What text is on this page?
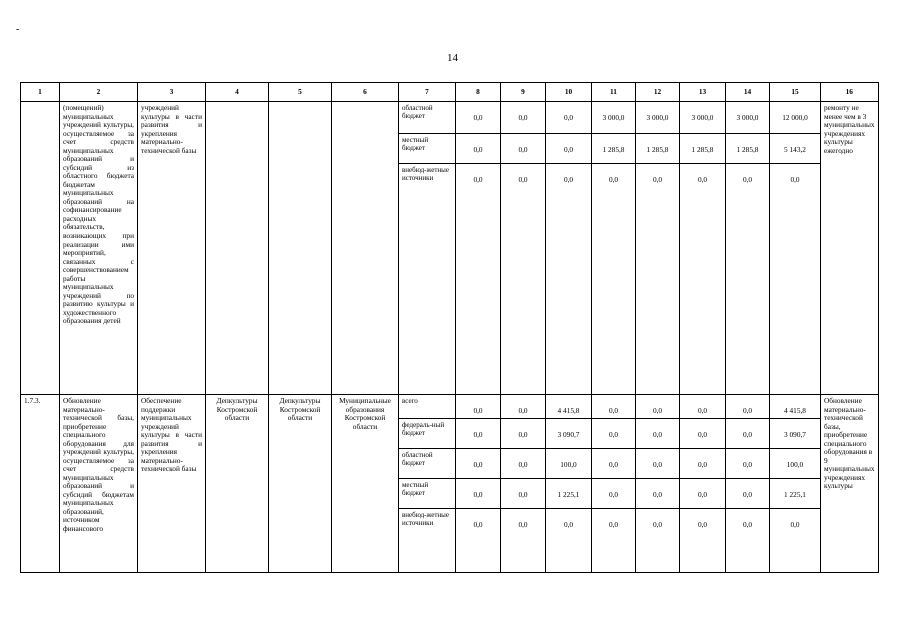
-
14
1	2	3	4	5	6	7	8	9	10	11	12	13	14	15	16
	(помещений) муниципальных учреждений культуры, осуществляемое за счет средств муниципальных образований и субсидий из областного бюджета бюджетам муниципальных образований на софинансирование расходных обязательств, возникающих при реализации ими мероприятий, связанных с совершенствованием работы муниципальных учреждений по развитию культуры и художественного образования детей	учреждений культуры в части развития и укрепления материально-технической базы				областной бюджет	0,0	0,0	0,0	3 000,0	3 000,0	3 000,0	3 000,0	12 000,0	ремонту не менее чем в 3 муниципальных учреждениях культуры ежегодно
						местный бюджет	0,0	0,0	0,0	1 285,8	1 285,8	1 285,8	1 285,8	5 143,2	
						внебюд-жетные источники	0,0	0,0	0,0	0,0	0,0	0,0	0,0	0,0	
1.7.3.	Обновление материально-технической базы, приобретение специального оборудования для учреждений культуры, осуществляемое за счет средств муниципальных образований и субсидий бюджетам муниципальных образований, источником финансового	Обеспечение поддержки муниципальных учреждений культуры в части развития и укрепления материально-технической базы	Депкультуры Костромской области	Депкультуры Костромской области	Муниципальные образования Костромской области	всего	0,0	0,0	4 415,8	0,0	0,0	0,0	0,0	4 415,8	Обновление материально-технической базы, приобретение специального оборудования в 9 муниципальных учреждениях культуры
						федераль-ный бюджет	0,0	0,0	3 090,7	0,0	0,0	0,0	0,0	3 090,7	
						областной бюджет	0,0	0,0	100,0	0,0	0,0	0,0	0,0	100,0	
						местный бюджет	0,0	0,0	1 225,1	0,0	0,0	0,0	0,0	1 225,1	
						внебюд-жетные источники	0,0	0,0	0,0	0,0	0,0	0,0	0,0	0,0	
